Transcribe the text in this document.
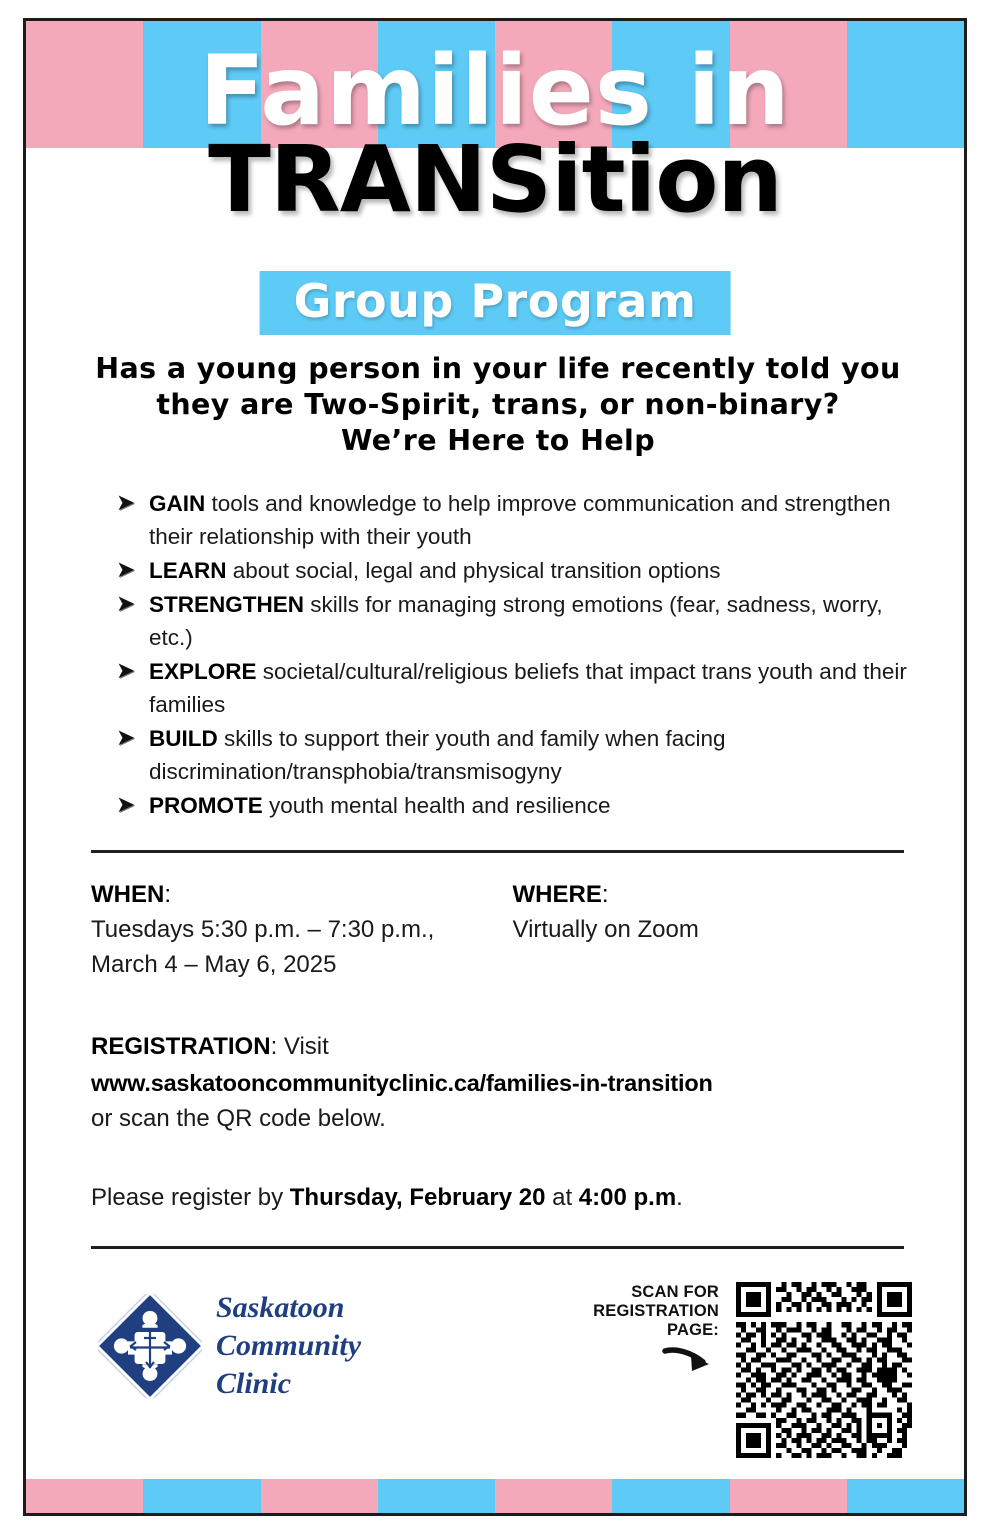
Families in
TRANSition
Group Program
Has a young person in your life recently told you
they are Two-Spirit, trans, or non-binary?
We’re Here to Help
➤ GAIN tools and knowledge to help improve communication and strengthen their relationship with their youth
➤ LEARN about social, legal and physical transition options
➤ STRENGTHEN skills for managing strong emotions (fear, sadness, worry, etc.)
➤ EXPLORE societal/cultural/religious beliefs that impact trans youth and their families
➤ BUILD skills to support their youth and family when facing discrimination/transphobia/transmisogyny
➤ PROMOTE youth mental health and resilience
WHEN:
Tuesdays 5:30 p.m. – 7:30 p.m.,
March 4 – May 6, 2025
WHERE:
Virtually on Zoom
REGISTRATION: Visit
www.saskatooncommunityclinic.ca/families-in-transition
or scan the QR code below.
Please register by Thursday, February 20 at 4:00 p.m.
Saskatoon
Community
Clinic
SCAN FOR
REGISTRATION
PAGE:
